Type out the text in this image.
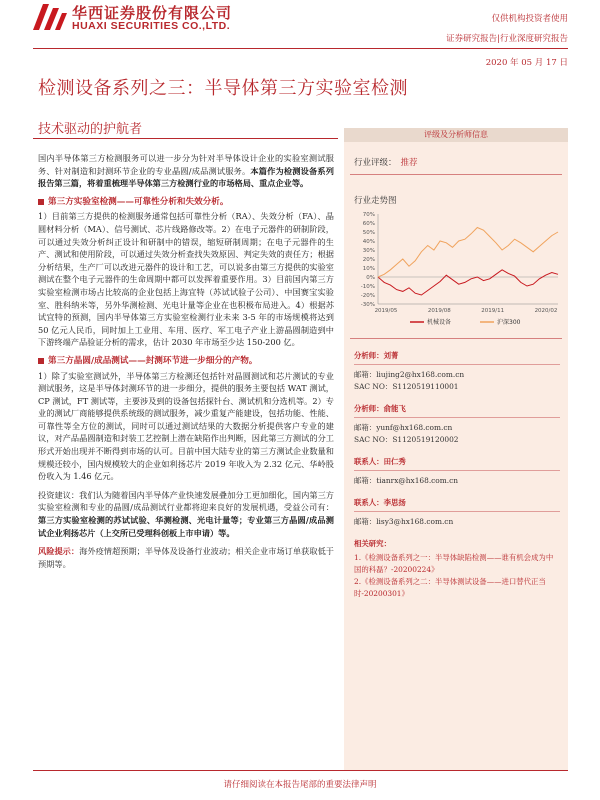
华西证券股份有限公司
HUAXI SECURITIES CO.,LTD.
仅供机构投资者使用
证券研究报告|行业深度研究报告
2020 年 05 月 17 日
检测设备系列之三：半导体第三方实验室检测
技术驱动的护航者

国内半导体第三方检测服务可以进一步分为针对半导体设计企业的实验室测试服务、针对制造和封测环节企业的专业晶圆/成品测试服务。本篇作为检测设备系列报告第三篇，将着重梳理半导体第三方检测行业的市场格局、重点企业等。

第三方实验室检测——可靠性分析和失效分析。

1）目前第三方提供的检测服务通常包括可靠性分析（RA）、失效分析（FA）、晶圆材料分析（MA）、信号测试、芯片线路修改等。2）在电子元器件的研制阶段，可以通过失效分析纠正设计和研制中的错误，缩短研制周期；在电子元器件的生产、测试和使用阶段，可以通过失效分析查找失效原因、判定失效的责任方；根据分析结果，生产厂可以改进元器件的设计和工艺，可以说多由第三方提供的实验室测试在整个电子元器件的生命周期中都可以发挥着重要作用。3）目前国内第三方实验室检测市场占比较高的企业包括上海宜特（苏试试验子公司）、中国赛宝实验室、胜科纳米等，另外华测检测、光电计量等企业在也积极布局进入。4）根据苏试宜特的预测，国内半导体第三方实验室检测行业未来 3-5 年的市场规模将达到 50 亿元人民币，同时加上工业用、车用、医疗、军工电子产业上游晶圆制造到中下游终端产品验证分析的需求，估计 2030 年市场至少达 150-200 亿。

第三方晶圆/成品测试——封测环节进一步细分的产物。

1）除了实验室测试外，半导体第三方检测还包括针对晶圆测试和芯片测试的专业测试服务，这是半导体封测环节的进一步细分，提供的服务主要包括 WAT 测试，CP 测试，FT 测试等，主要涉及到的设备包括探针台、测试机和分选机等。2）专业的测试厂商能够提供系统级的测试服务，减少重复产能建设，包括功能、性能、可靠性等全方位的测试，同时可以通过测试结果的大数据分析提供客户专业的建议，对产品晶圆制造和封装工艺控制上潜在缺陷作出判断，因此第三方测试的分工形式开始出现并不断得到市场的认可。目前中国大陆专业的第三方测试企业数量和规模还较小，国内规模较大的企业如利扬芯片 2019 年收入为 2.32 亿元、华岭股份收入为 1.46 亿元。

投资建议：我们认为随着国内半导体产业快速发展叠加分工更加细化，国内第三方实验室检测和专业的晶圆/成品测试行业都将迎来良好的发展机遇，受益公司有：第三方实验室检测的苏试试验、华测检测、光电计量等；专业第三方晶圆/成品测试企业利扬芯片（上交所已受理科创板上市申请）等。

风险提示：海外疫情超预期；半导体及设备行业波动；相关企业市场订单获取低于预期等。

评级及分析师信息
行业评级： 推荐
行业走势图
70%
60%
50%
40%
30%
20%
10%
0%
-10%
-20%
-30%
2019/05	2019/08	2019/11	2020/02
机械设备	沪深300
分析师：刘菁
邮箱：liujing2@hx168.com.cn
SAC NO：S1120519110001
分析师：俞能飞
邮箱：yunf@hx168.com.cn
SAC NO：S1120519120002
联系人：田仁秀
邮箱：tianrx@hx168.com.cn
联系人：李思扬
邮箱：lisy3@hx168.com.cn
相关研究：
1.《检测设备系列之一：半导体缺陷检测——谁有机会成为中国的科磊？-20200224》
2.《检测设备系列之二：半导体测试设备——进口替代正当时-20200301》
请仔细阅读在本报告尾部的重要法律声明
